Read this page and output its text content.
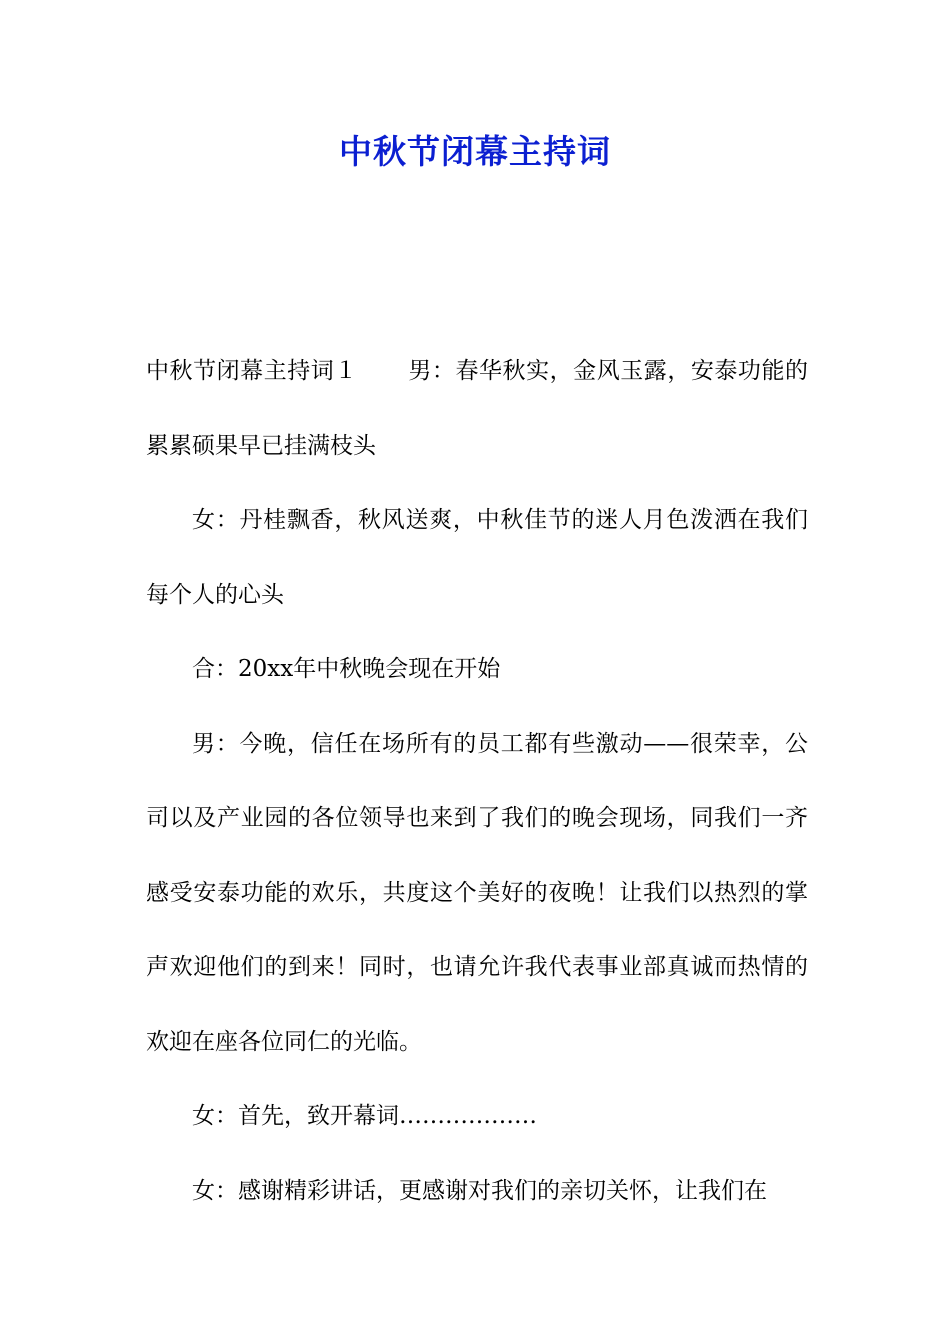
中秋节闭幕主持词

中秋节闭幕主持词１ 男：春华秋实，金风玉露，安泰功能的累累硕果早已挂满枝头

女：丹桂飘香，秋风送爽，中秋佳节的迷人月色泼洒在我们每个人的心头

合：20xx年中秋晚会现在开始

男：今晚，信任在场所有的员工都有些激动——很荣幸，公司以及产业园的各位领导也来到了我们的晚会现场，同我们一齐感受安泰功能的欢乐，共度这个美好的夜晚！让我们以热烈的掌声欢迎他们的到来！同时，也请允许我代表事业部真诚而热情的欢迎在座各位同仁的光临。

女：首先，致开幕词………………

女：感谢精彩讲话，更感谢对我们的亲切关怀，让我们在
